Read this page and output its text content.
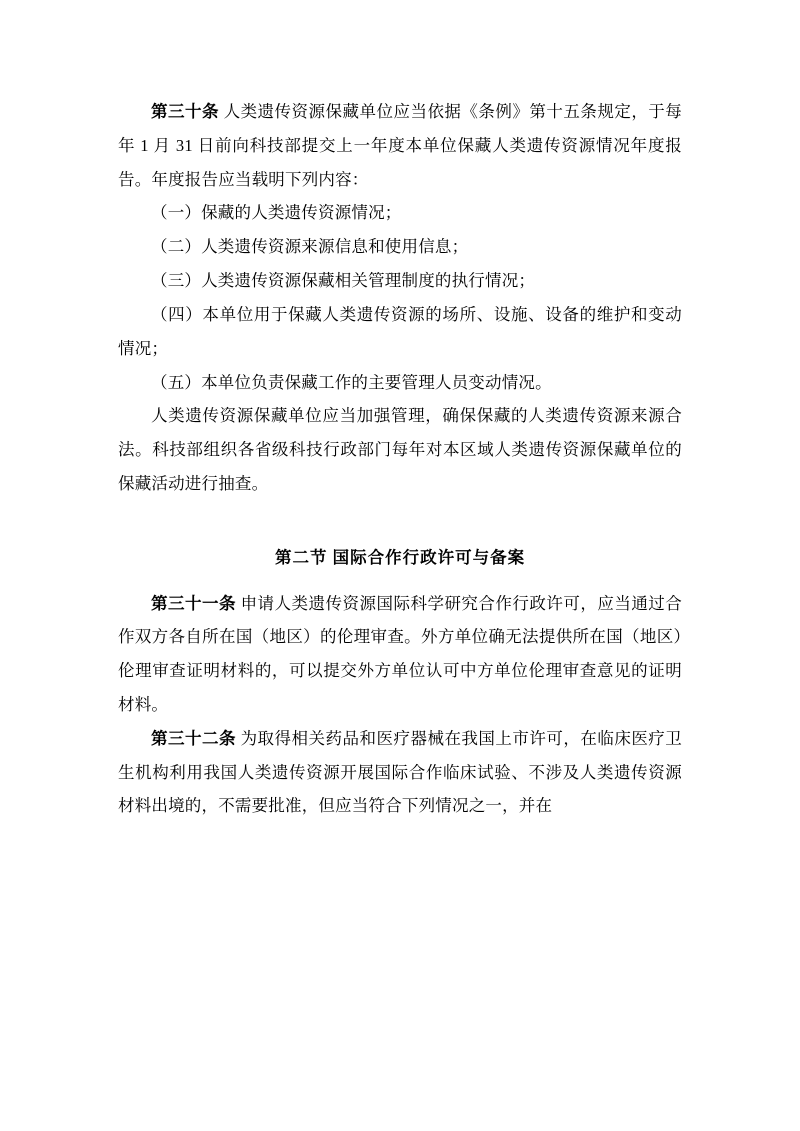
第三十条 人类遗传资源保藏单位应当依据《条例》第十五条规定，于每年 1 月 31 日前向科技部提交上一年度本单位保藏人类遗传资源情况年度报告。年度报告应当载明下列内容：

（一）保藏的人类遗传资源情况；

（二）人类遗传资源来源信息和使用信息；

（三）人类遗传资源保藏相关管理制度的执行情况；

（四）本单位用于保藏人类遗传资源的场所、设施、设备的维护和变动情况；

（五）本单位负责保藏工作的主要管理人员变动情况。

人类遗传资源保藏单位应当加强管理，确保保藏的人类遗传资源来源合法。科技部组织各省级科技行政部门每年对本区域人类遗传资源保藏单位的保藏活动进行抽查。

第二节 国际合作行政许可与备案

第三十一条 申请人类遗传资源国际科学研究合作行政许可，应当通过合作双方各自所在国（地区）的伦理审查。外方单位确无法提供所在国（地区）伦理审查证明材料的，可以提交外方单位认可中方单位伦理审查意见的证明材料。

第三十二条 为取得相关药品和医疗器械在我国上市许可，在临床医疗卫生机构利用我国人类遗传资源开展国际合作临床试验、不涉及人类遗传资源材料出境的，不需要批准，但应当符合下列情况之一，并在
